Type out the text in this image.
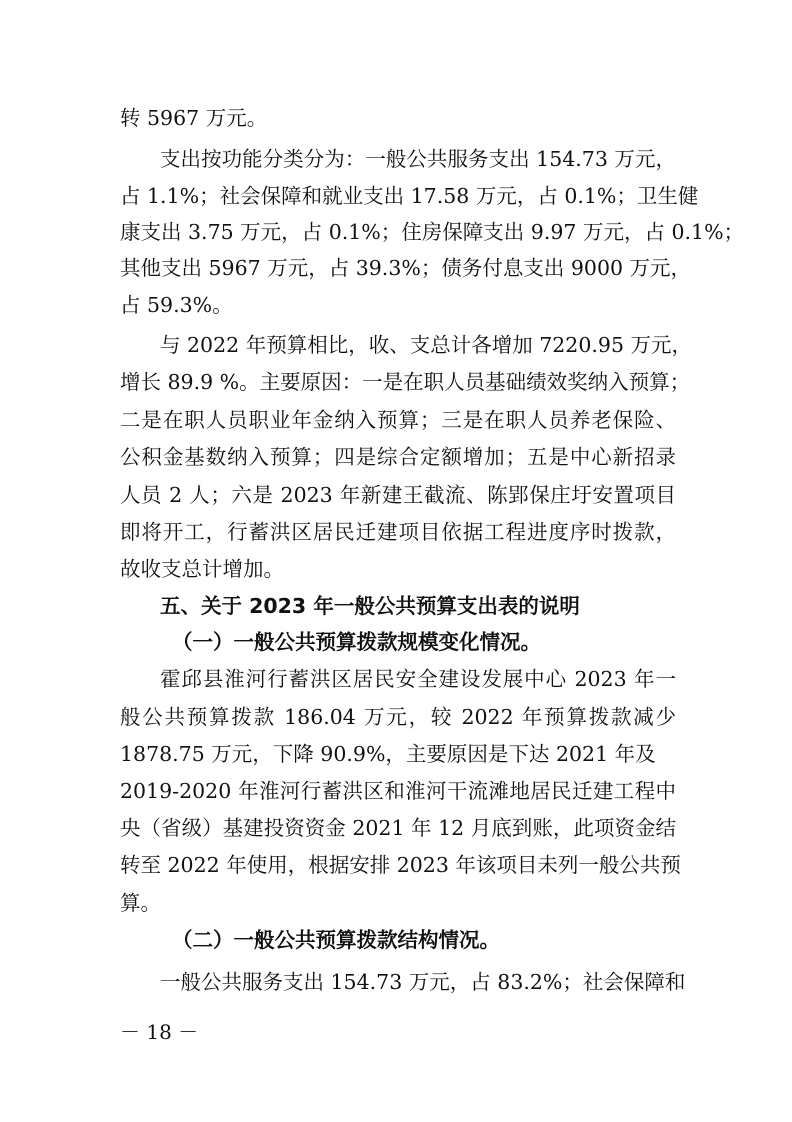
转 5967 万元。
支出按功能分类分为：一般公共服务支出 154.73 万元，
占 1.1%；社会保障和就业支出 17.58 万元，占 0.1%；卫生健
康支出 3.75 万元，占 0.1%；住房保障支出 9.97 万元，占 0.1%；
其他支出 5967 万元，占 39.3%；债务付息支出 9000 万元，
占 59.3%。
与 2022 年预算相比，收、支总计各增加 7220.95 万元，
增长 89.9 %。主要原因：一是在职人员基础绩效奖纳入预算；
二是在职人员职业年金纳入预算；三是在职人员养老保险、
公积金基数纳入预算；四是综合定额增加；五是中心新招录
人员 2 人；六是 2023 年新建王截流、陈郢保庄圩安置项目
即将开工，行蓄洪区居民迁建项目依据工程进度序时拨款，
故收支总计增加。
五、关于 2023 年一般公共预算支出表的说明
（一）一般公共预算拨款规模变化情况。
霍邱县淮河行蓄洪区居民安全建设发展中心 2023 年一
般公共预算拨款 186.04 万元，较 2022 年预算拨款减少
1878.75 万元，下降 90.9%，主要原因是下达 2021 年及
2019-2020 年淮河行蓄洪区和淮河干流滩地居民迁建工程中
央（省级）基建投资资金 2021 年 12 月底到账，此项资金结
转至 2022 年使用，根据安排 2023 年该项目未列一般公共预
算。
（二）一般公共预算拨款结构情况。
一般公共服务支出 154.73 万元，占 83.2%；社会保障和
－ 18 －
